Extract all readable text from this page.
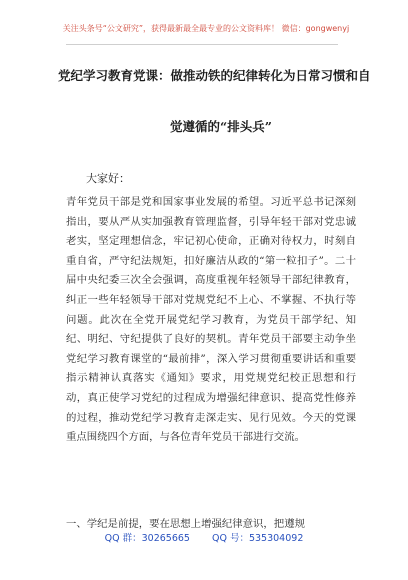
关注头条号“公文研究”，获得最新最全最专业的公文资料库！ 微信：gongwenyj
党纪学习教育党课：做推动铁的纪律转化为日常习惯和自
觉遵循的“排头兵”
大家好：
青年党员干部是党和国家事业发展的希望。习近平总书记深刻指出，要从严从实加强教育管理监督，引导年轻干部对党忠诚老实，坚定理想信念，牢记初心使命，正确对待权力，时刻自重自省，严守纪法规矩，扣好廉洁从政的“第一粒扣子”。二十届中央纪委三次全会强调，高度重视年轻领导干部纪律教育，纠正一些年轻领导干部对党规党纪不上心、不掌握、不执行等问题。此次在全党开展党纪学习教育，为党员干部学纪、知纪、明纪、守纪提供了良好的契机。青年党员干部要主动争坐党纪学习教育课堂的“最前排”，深入学习贯彻重要讲话和重要指示精神认真落实《通知》要求，用党规党纪校正思想和行动，真正使学习党纪的过程成为增强纪律意识、提高党性修养的过程，推动党纪学习教育走深走实、见行见效。今天的党课重点围绕四个方面，与各位青年党员干部进行交流。
一、学纪是前提，要在思想上增强纪律意识，把遵规
QQ 群：30265665 QQ 号：535304092
